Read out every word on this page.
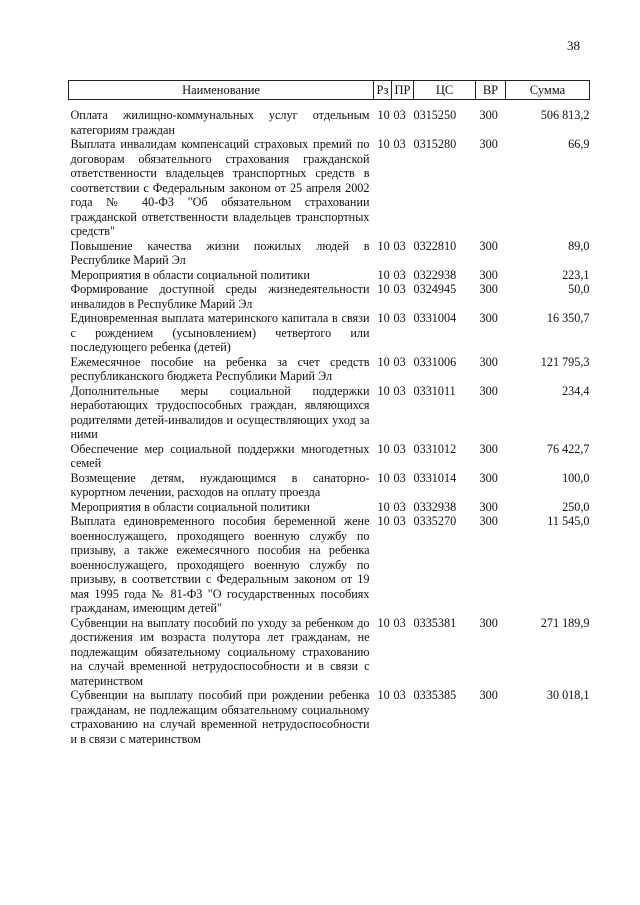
38
Наименование	Рз	ПР	ЦС	ВР	Сумма
Оплата жилищно-коммунальных услуг отдельным категориям граждан	10	03	0315250	300	506 813,2
Выплата инвалидам компенсаций страховых премий по договорам обязательного страхования гражданской ответственности владельцев транспортных средств в соответствии с Федеральным законом от 25 апреля 2002 года № 40-ФЗ "Об обязательном страховании гражданской ответственности владельцев транспортных средств"	10	03	0315280	300	66,9
Повышение качества жизни пожилых людей в Республике Марий Эл	10	03	0322810	300	89,0
Мероприятия в области социальной политики	10	03	0322938	300	223,1
Формирование доступной среды жизнедеятельности инвалидов в Республике Марий Эл	10	03	0324945	300	50,0
Единовременная выплата материнского капитала в связи с рождением (усыновлением) четвертого или последующего ребенка (детей)	10	03	0331004	300	16 350,7
Ежемесячное пособие на ребенка за счет средств республиканского бюджета Республики Марий Эл	10	03	0331006	300	121 795,3
Дополнительные меры социальной поддержки неработающих трудоспособных граждан, являющихся родителями детей-инвалидов и осуществляющих уход за ними	10	03	0331011	300	234,4
Обеспечение мер социальной поддержки многодетных семей	10	03	0331012	300	76 422,7
Возмещение детям, нуждающимся в санаторно-курортном лечении, расходов на оплату проезда	10	03	0331014	300	100,0
Мероприятия в области социальной политики	10	03	0332938	300	250,0
Выплата единовременного пособия беременной жене военнослужащего, проходящего военную службу по призыву, а также ежемесячного пособия на ребенка военнослужащего, проходящего военную службу по призыву, в соответствии с Федеральным законом от 19 мая 1995 года № 81-ФЗ "О государственных пособиях гражданам, имеющим детей"	10	03	0335270	300	11 545,0
Субвенции на выплату пособий по уходу за ребенком до достижения им возраста полутора лет гражданам, не подлежащим обязательному социальному страхованию на случай временной нетрудоспособности и в связи с материнством	10	03	0335381	300	271 189,9
Субвенции на выплату пособий при рождении ребенка гражданам, не подлежащим обязательному социальному страхованию на случай временной нетрудоспособности и в связи с материнством	10	03	0335385	300	30 018,1
